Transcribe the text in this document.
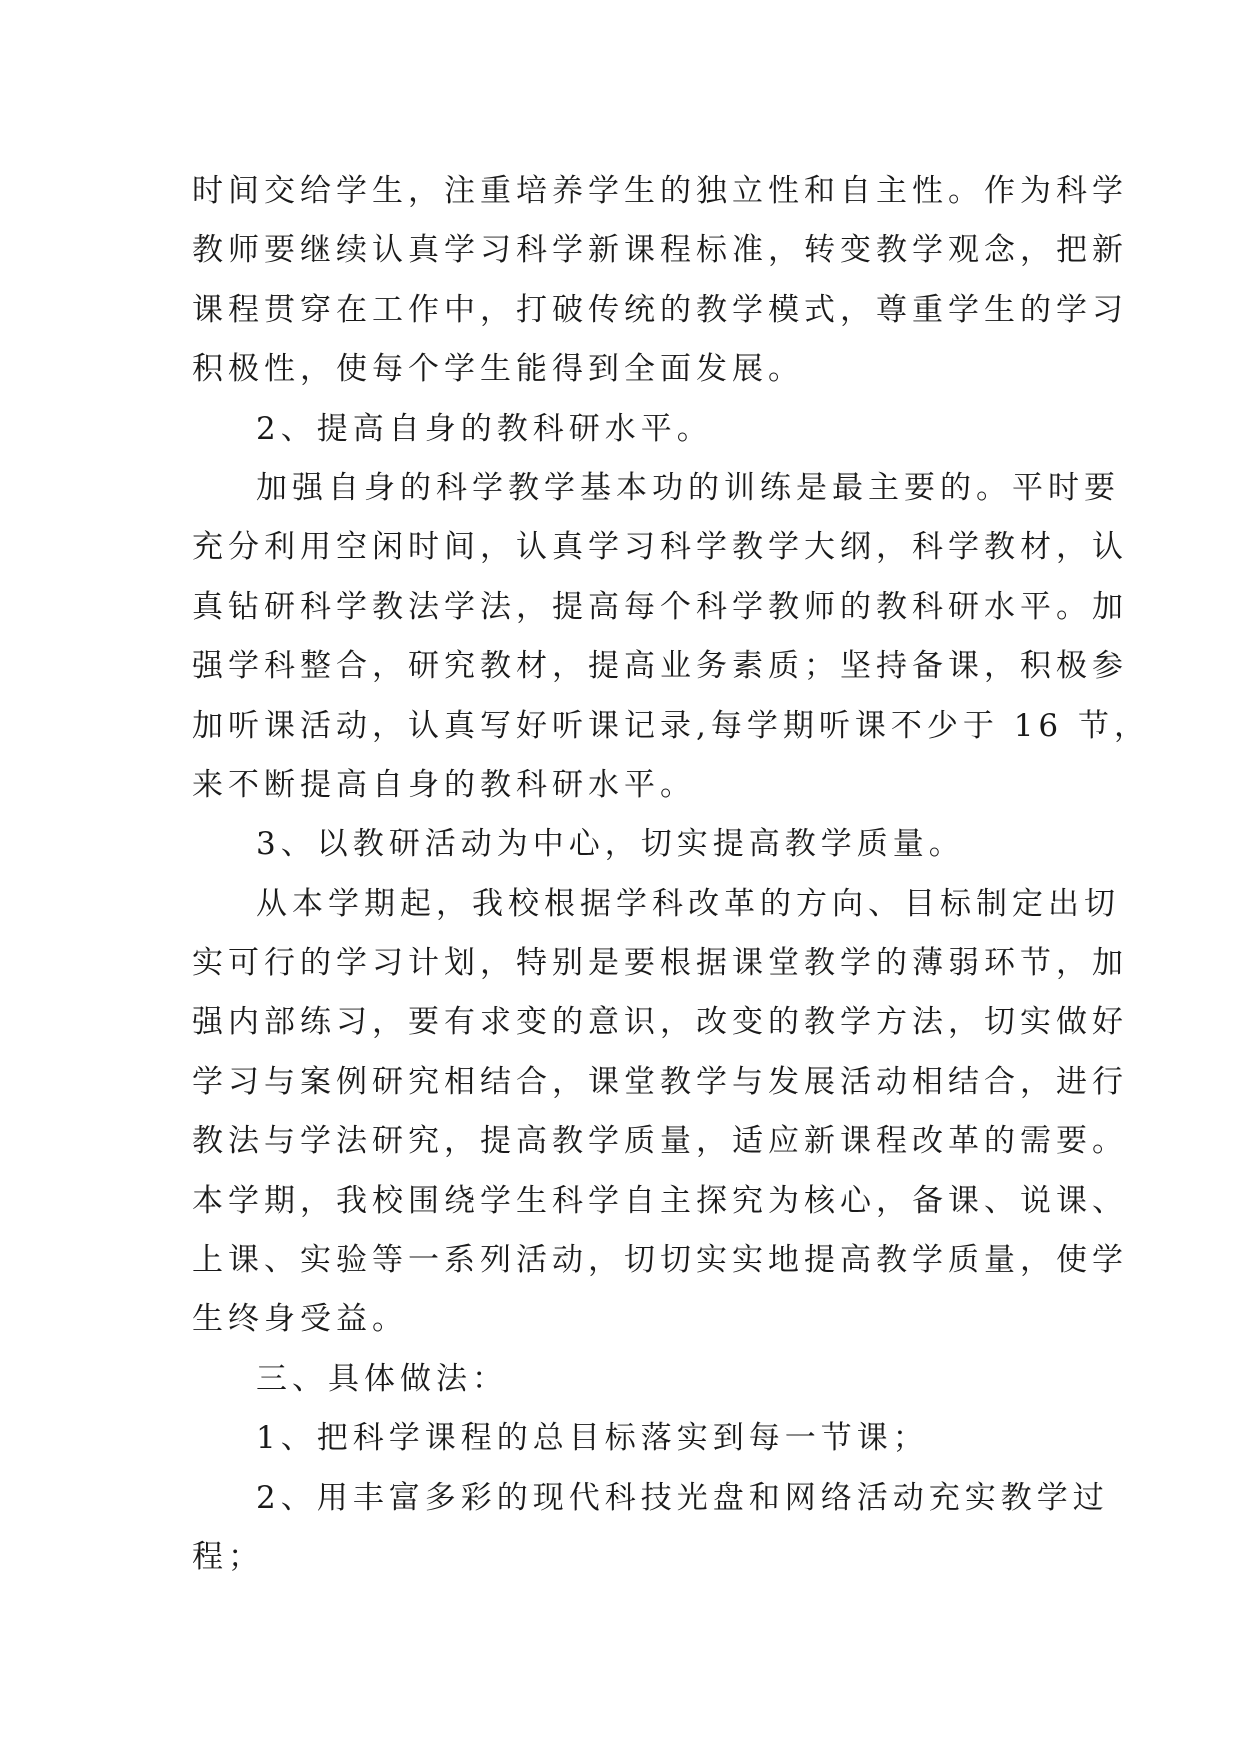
时间交给学生，注重培养学生的独立性和自主性。作为科学
教师要继续认真学习科学新课程标准，转变教学观念，把新
课程贯穿在工作中，打破传统的教学模式，尊重学生的学习
积极性，使每个学生能得到全面发展。
2、提高自身的教科研水平。
加强自身的科学教学基本功的训练是最主要的。平时要
充分利用空闲时间，认真学习科学教学大纲，科学教材，认
真钻研科学教法学法，提高每个科学教师的教科研水平。加
强学科整合，研究教材，提高业务素质；坚持备课，积极参
加听课活动，认真写好听课记录,每学期听课不少于 16 节，
来不断提高自身的教科研水平。
3、以教研活动为中心，切实提高教学质量。
从本学期起，我校根据学科改革的方向、目标制定出切
实可行的学习计划，特别是要根据课堂教学的薄弱环节，加
强内部练习，要有求变的意识，改变的教学方法，切实做好
学习与案例研究相结合，课堂教学与发展活动相结合，进行
教法与学法研究，提高教学质量，适应新课程改革的需要。
本学期，我校围绕学生科学自主探究为核心，备课、说课、
上课、实验等一系列活动，切切实实地提高教学质量，使学
生终身受益。
三、具体做法：
1、把科学课程的总目标落实到每一节课；
2、用丰富多彩的现代科技光盘和网络活动充实教学过
程；
